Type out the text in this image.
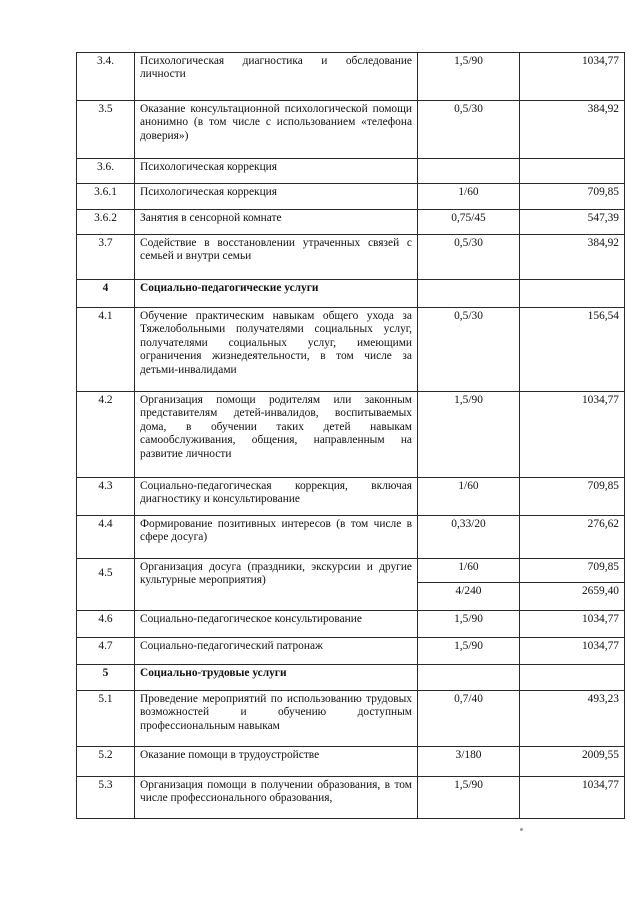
3.4.	Психологическая диагностика и обследование личности	1,5/90	1034,77
3.5	Оказание консультационной психологической помощи анонимно (в том числе с использованием «телефона доверия»)	0,5/30	384,92
3.6.	Психологическая коррекция		
3.6.1	Психологическая коррекция	1/60	709,85
3.6.2	Занятия в сенсорной комнате	0,75/45	547,39
3.7	Содействие в восстановлении утраченных связей с семьей и внутри семьи	0,5/30	384,92
4	Социально-педагогические услуги		
4.1	Обучение практическим навыкам общего ухода за Тяжелобольными получателями социальных услуг, получателями социальных услуг, имеющими ограничения жизнедеятельности, в том числе за детьми-инвалидами	0,5/30	156,54
4.2	Организация помощи родителям или законным представителям детей-инвалидов, воспитываемых дома, в обучении таких детей навыкам самообслуживания, общения, направленным на развитие личности	1,5/90	1034,77
4.3	Социально-педагогическая коррекция, включая диагностику и консультирование	1/60	709,85
4.4	Формирование позитивных интересов (в том числе в сфере досуга)	0,33/20	276,62
4.5	Организация досуга (праздники, экскурсии и другие культурные мероприятия)	1/60	709,85
		4/240	2659,40
4.6	Социально-педагогическое консультирование	1,5/90	1034,77
4.7	Социально-педагогический патронаж	1,5/90	1034,77
5	Социально-трудовые услуги		
5.1	Проведение мероприятий по использованию трудовых возможностей и обучению доступным профессиональным навыкам	0,7/40	493,23
5.2	Оказание помощи в трудоустройстве	3/180	2009,55
5.3	Организация помощи в получении образования, в том числе профессионального образования,	1,5/90	1034,77
